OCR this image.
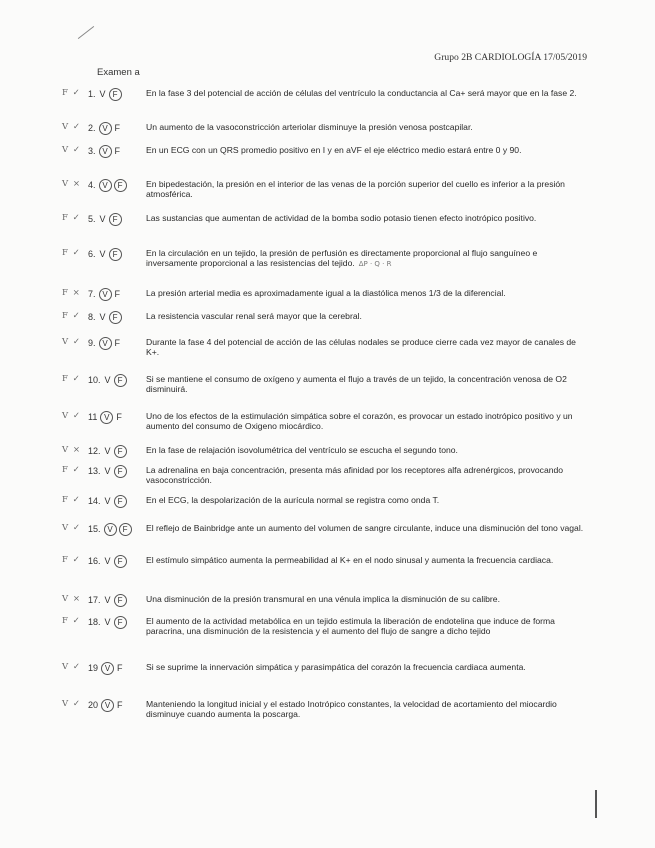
Grupo 2B CARDIOLOGÍA 17/05/2019
Examen a
F ✓ 1. V F	En la fase 3 del potencial de acción de células del ventrículo la conductancia al Ca+ será mayor que en la fase 2.
V ✓ 2. V F	Un aumento de la vasoconstricción arteriolar disminuye la presión venosa postcapilar.
V ✓ 3. V F	En un ECG con un QRS promedio positivo en I y en aVF el eje eléctrico medio estará entre 0 y 90.
V × 4. V F	En bipedestación, la presión en el interior de las venas de la porción superior del cuello es inferior a la presión atmosférica.
F ✓ 5. V F	Las sustancias que aumentan de actividad de la bomba sodio potasio tienen efecto inotrópico positivo.
F ✓ 6. V F	En la circulación en un tejido, la presión de perfusión es directamente proporcional al flujo sanguíneo e inversamente proporcional a las resistencias del tejido. ΔP · Q · R
F × 7. V F	La presión arterial media es aproximadamente igual a la diastólica menos 1/3 de la diferencial.
F ✓ 8. V F	La resistencia vascular renal será mayor que la cerebral.
V ✓ 9. V F	Durante la fase 4 del potencial de acción de las células nodales se produce cierre cada vez mayor de canales de K+.
F ✓ 10. V F	Si se mantiene el consumo de oxígeno y aumenta el flujo a través de un tejido, la concentración venosa de O2 disminuirá.
V ✓ 11 V F	Uno de los efectos de la estimulación simpática sobre el corazón, es provocar un estado inotrópico positivo y un aumento del consumo de Oxigeno miocárdico.
V × 12. V F	En la fase de relajación isovolumétrica del ventrículo se escucha el segundo tono.
F ✓ 13. V F	La adrenalina en baja concentración, presenta más afinidad por los receptores alfa adrenérgicos, provocando vasoconstricción.
F ✓ 14. V F	En el ECG, la despolarización de la aurícula normal se registra como onda T.
V ✓ 15. V F	El reflejo de Bainbridge ante un aumento del volumen de sangre circulante, induce una disminución del tono vagal.
F ✓ 16. V F	El estímulo simpático aumenta la permeabilidad al K+ en el nodo sinusal y aumenta la frecuencia cardiaca.
V × 17. V F	Una disminución de la presión transmural en una vénula implica la disminución de su calibre.
F ✓ 18. V F	El aumento de la actividad metabólica en un tejido estimula la liberación de endotelina que induce de forma paracrina, una disminución de la resistencia y el aumento del flujo de sangre a dicho tejido
V ✓ 19 V F	Si se suprime la innervación simpática y parasimpática del corazón la frecuencia cardiaca aumenta.
V ✓ 20 V F	Manteniendo la longitud inicial y el estado Inotrópico constantes, la velocidad de acortamiento del miocardio disminuye cuando aumenta la poscarga.
